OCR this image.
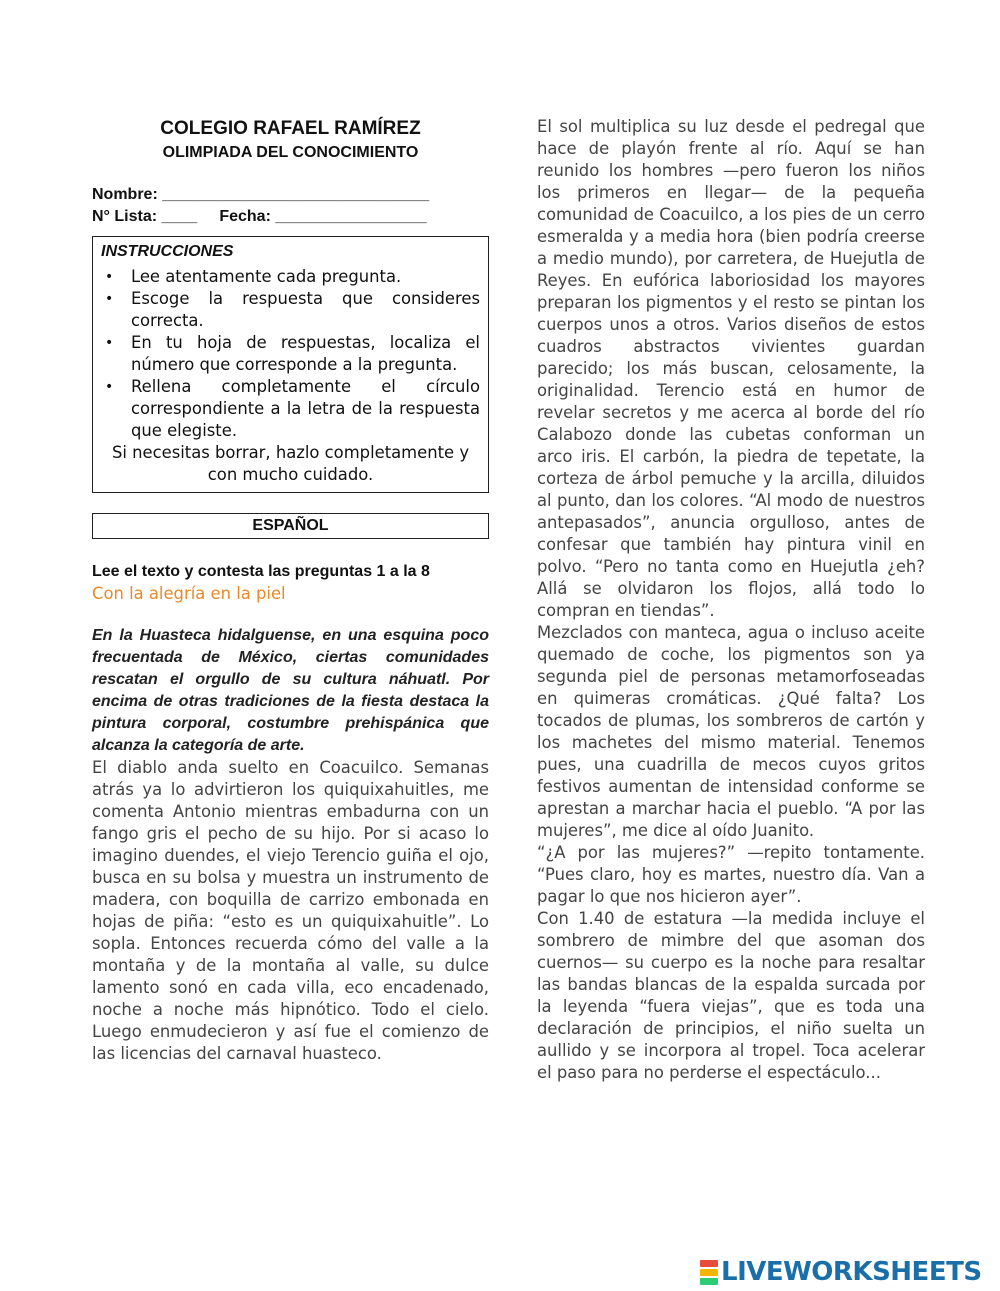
COLEGIO RAFAEL RAMÍREZ
OLIMPIADA DEL CONOCIMIENTO
Nombre: ______________________________
N° Lista: ____     Fecha: _________________
INSTRUCCIONES
• Lee atentamente cada pregunta.
• Escoge la respuesta que consideres correcta.
• En tu hoja de respuestas, localiza el número que corresponde a la pregunta.
• Rellena completamente el círculo correspondiente a la letra de la respuesta que elegiste.
Si necesitas borrar, hazlo completamente y con mucho cuidado.
ESPAÑOL
Lee el texto y contesta las preguntas 1 a la 8
Con la alegría en la piel
En la Huasteca hidalguense, en una esquina poco frecuentada de México, ciertas comunidades rescatan el orgullo de su cultura náhuatl. Por encima de otras tradiciones de la fiesta destaca la pintura corporal, costumbre prehispánica que alcanza la categoría de arte.

El diablo anda suelto en Coacuilco. Semanas atrás ya lo advirtieron los quiquixahuitles, me comenta Antonio mientras embadurna con un fango gris el pecho de su hijo. Por si acaso lo imagino duendes, el viejo Terencio guiña el ojo, busca en su bolsa y muestra un instrumento de madera, con boquilla de carrizo embonada en hojas de piña: “esto es un quiquixahuitle”. Lo sopla. Entonces recuerda cómo del valle a la montaña y de la montaña al valle, su dulce lamento sonó en cada villa, eco encadenado, noche a noche más hipnótico. Todo el cielo. Luego enmudecieron y así fue el comienzo de las licencias del carnaval huasteco.

El sol multiplica su luz desde el pedregal que hace de playón frente al río. Aquí se han reunido los hombres —pero fueron los niños los primeros en llegar— de la pequeña comunidad de Coacuilco, a los pies de un cerro esmeralda y a media hora (bien podría creerse a medio mundo), por carretera, de Huejutla de Reyes. En eufórica laboriosidad los mayores preparan los pigmentos y el resto se pintan los cuerpos unos a otros. Varios diseños de estos cuadros abstractos vivientes guardan parecido; los más buscan, celosamente, la originalidad. Terencio está en humor de revelar secretos y me acerca al borde del río Calabozo donde las cubetas conforman un arco iris. El carbón, la piedra de tepetate, la corteza de árbol pemuche y la arcilla, diluidos al punto, dan los colores. “Al modo de nuestros antepasados”, anuncia orgulloso, antes de confesar que también hay pintura vinil en polvo. “Pero no tanta como en Huejutla ¿eh? Allá se olvidaron los flojos, allá todo lo compran en tiendas”.

Mezclados con manteca, agua o incluso aceite quemado de coche, los pigmentos son ya segunda piel de personas metamorfoseadas en quimeras cromáticas. ¿Qué falta? Los tocados de plumas, los sombreros de cartón y los machetes del mismo material. Tenemos pues, una cuadrilla de mecos cuyos gritos festivos aumentan de intensidad conforme se aprestan a marchar hacia el pueblo. “A por las mujeres”, me dice al oído Juanito.

“¿A por las mujeres?” —repito tontamente. “Pues claro, hoy es martes, nuestro día. Van a pagar lo que nos hicieron ayer”.

Con 1.40 de estatura —la medida incluye el sombrero de mimbre del que asoman dos cuernos— su cuerpo es la noche para resaltar las bandas blancas de la espalda surcada por la leyenda “fuera viejas”, que es toda una declaración de principios, el niño suelta un aullido y se incorpora al tropel. Toca acelerar el paso para no perderse el espectáculo...

LIVEWORKSHEETS
